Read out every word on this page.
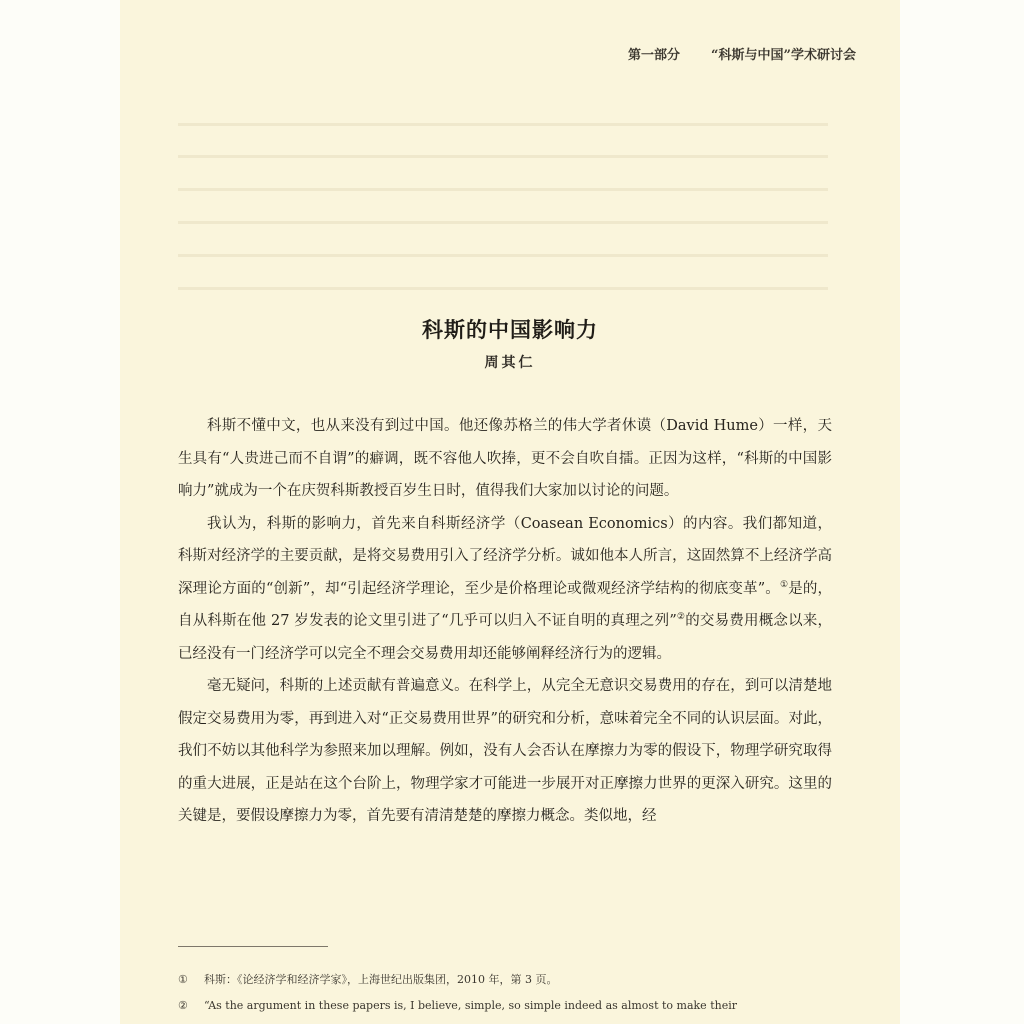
第一部分 “科斯与中国”学术研讨会
科斯的中国影响力
周其仁

科斯不懂中文，也从来没有到过中国。他还像苏格兰的伟大学者休谟（David Hume）一样，天生具有“人贵进己而不自谓”的癖调，既不容他人吹捧，更不会自吹自擂。正因为这样，“科斯的中国影响力”就成为一个在庆贺科斯教授百岁生日时，值得我们大家加以讨论的问题。

我认为，科斯的影响力，首先来自科斯经济学（Coasean Economics）的内容。我们都知道，科斯对经济学的主要贡献，是将交易费用引入了经济学分析。诚如他本人所言，这固然算不上经济学高深理论方面的“创新”，却“引起经济学理论，至少是价格理论或微观经济学结构的彻底变革”。①是的，自从科斯在他 27 岁发表的论文里引进了“几乎可以归入不证自明的真理之列”②的交易费用概念以来，已经没有一门经济学可以完全不理会交易费用却还能够阐释经济行为的逻辑。

毫无疑问，科斯的上述贡献有普遍意义。在科学上，从完全无意识交易费用的存在，到可以清楚地假定交易费用为零，再到进入对“正交易费用世界”的研究和分析，意味着完全不同的认识层面。对此，我们不妨以其他科学为参照来加以理解。例如，没有人会否认在摩擦力为零的假设下，物理学研究取得的重大进展，正是站在这个台阶上，物理学家才可能进一步展开对正摩擦力世界的更深入研究。这里的关键是，要假设摩擦力为零，首先要有清清楚楚的摩擦力概念。类似地，经

① 科斯：《论经济学和经济学家》，上海世纪出版集团，2010 年，第 3 页。
② “As the argument in these papers is, I believe, simple, so simple indeed as almost to make their
